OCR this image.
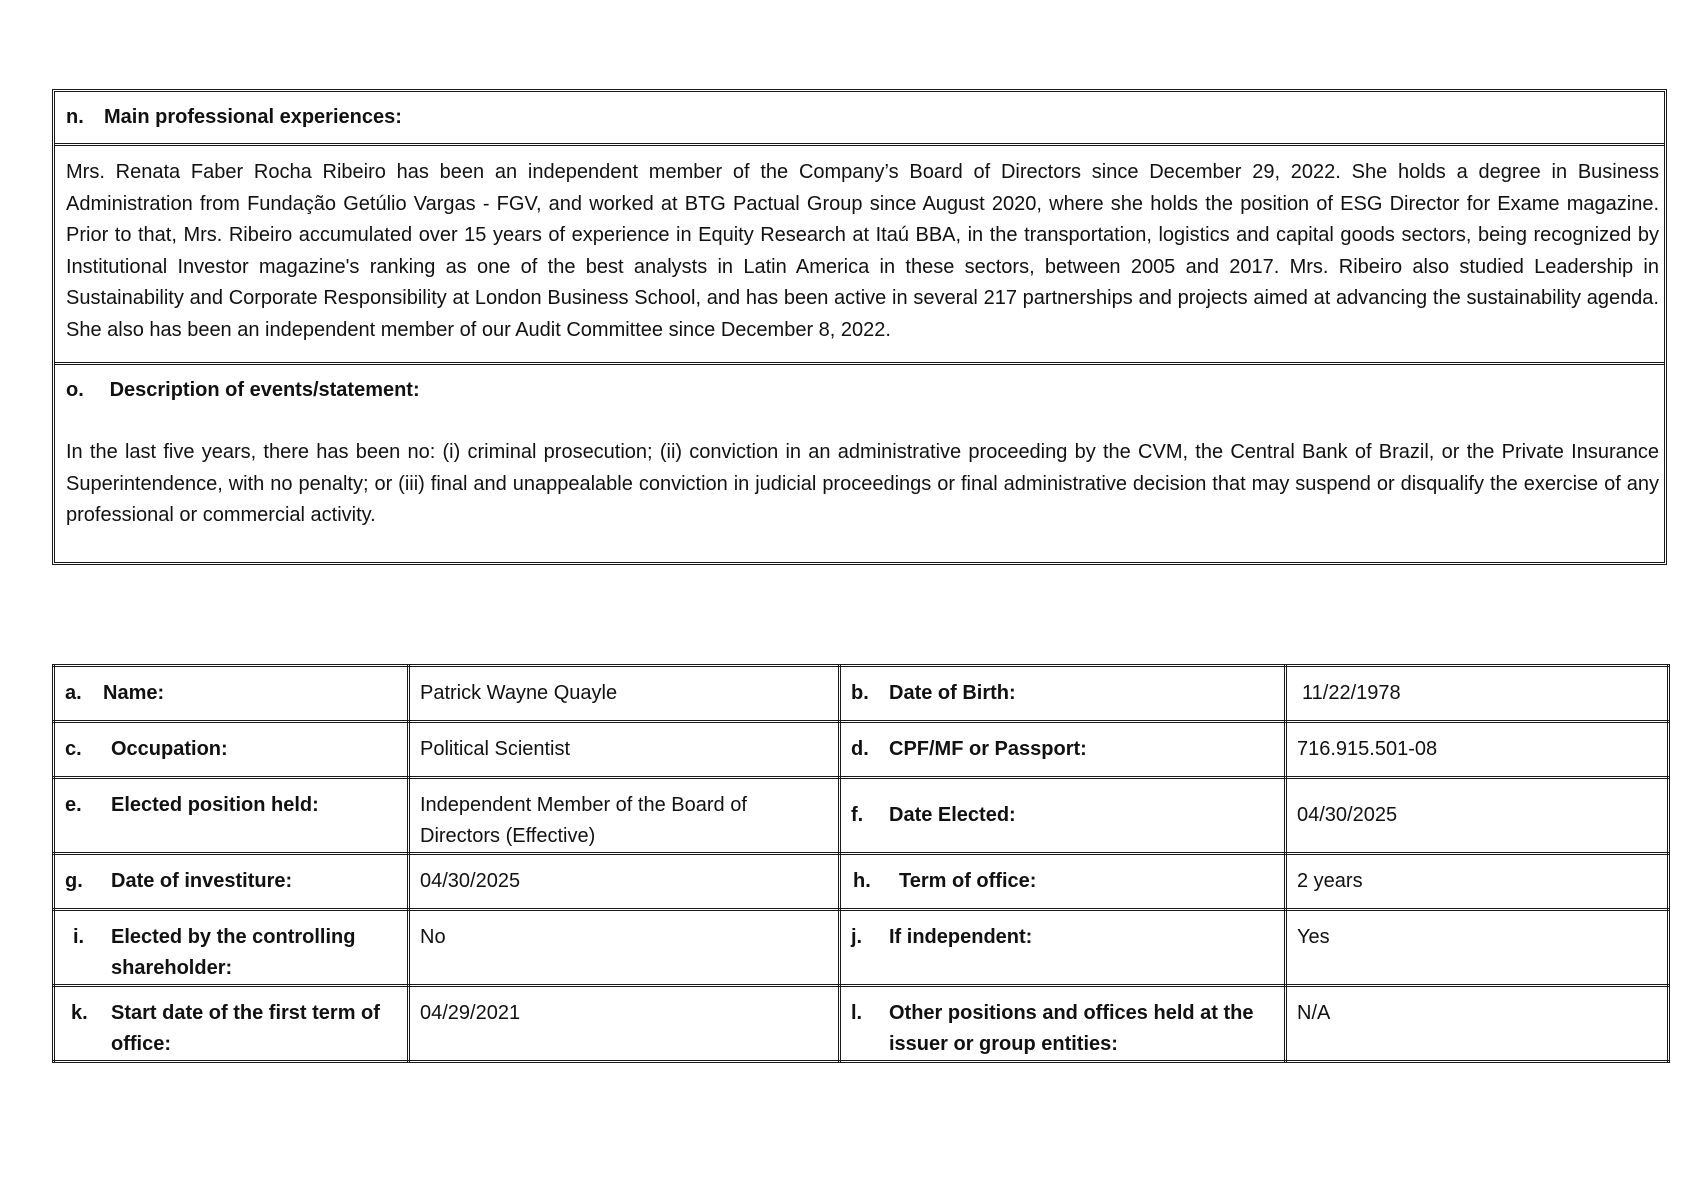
n.	Main professional experiences:

Mrs. Renata Faber Rocha Ribeiro has been an independent member of the Company’s Board of Directors since December 29, 2022. She holds a degree in Business Administration from Fundação Getúlio Vargas - FGV, and worked at BTG Pactual Group since August 2020, where she holds the position of ESG Director for Exame magazine. Prior to that, Mrs. Ribeiro accumulated over 15 years of experience in Equity Research at Itaú BBA, in the transportation, logistics and capital goods sectors, being recognized by Institutional Investor magazine's ranking as one of the best analysts in Latin America in these sectors, between 2005 and 2017. Mrs. Ribeiro also studied Leadership in Sustainability and Corporate Responsibility at London Business School, and has been active in several 217 partnerships and projects aimed at advancing the sustainability agenda. She also has been an independent member of our Audit Committee since December 8, 2022.

o. Description of events/statement:

In the last five years, there has been no: (i) criminal prosecution; (ii) conviction in an administrative proceeding by the CVM, the Central Bank of Brazil, or the Private Insurance Superintendence, with no penalty; or (iii) final and unappealable conviction in judicial proceedings or final administrative decision that may suspend or disqualify the exercise of any professional or commercial activity.

a. Name:	Patrick Wayne Quayle	b. Date of Birth:	11/22/1978

c. Occupation:	Political Scientist	d. CPF/MF or Passport:	716.915.501-08

e. Elected position held:	Independent Member of the Board of Directors (Effective)	f. Date Elected:	04/30/2025

g. Date of investiture:	04/30/2025	h. Term of office:	2 years

i. Elected by the controlling shareholder:	No	j. If independent:	Yes

k. Start date of the first term of office:	04/29/2021	l. Other positions and offices held at the issuer or group entities:	N/A
